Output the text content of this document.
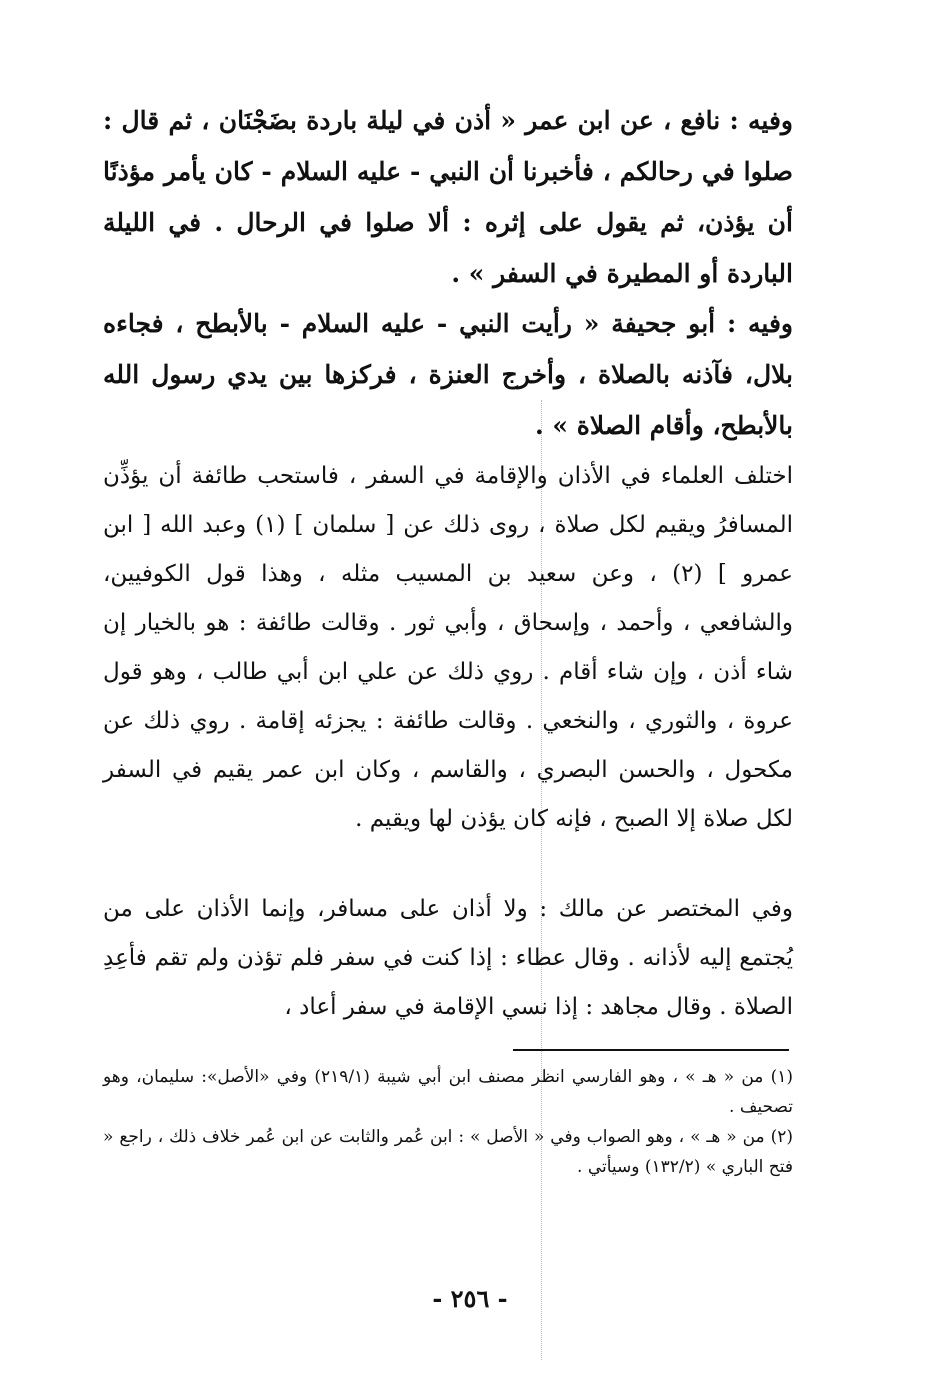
وفيه : نافع ، عن ابن عمر « أذن في ليلة باردة بضَجْنَان ، ثم قال : صلوا في رحالكم ، فأخبرنا أن النبي - عليه السلام - كان يأمر مؤذنًا أن يؤذن، ثم يقول على إثره : ألا صلوا في الرحال . في الليلة الباردة أو المطيرة في السفر » .

وفيه : أبو جحيفة « رأيت النبي - عليه السلام - بالأبطح ، فجاءه بلال، فآذنه بالصلاة ، وأخرج العنزة ، فركزها بين يدي رسول الله بالأبطح، وأقام الصلاة » .

اختلف العلماء في الأذان والإقامة في السفر ، فاستحب طائفة أن يؤذِّن المسافرُ ويقيم لكل صلاة ، روى ذلك عن [ سلمان ] (١) وعبد الله [ ابن عمرو ] (٢) ، وعن سعيد بن المسيب مثله ، وهذا قول الكوفيين، والشافعي ، وأحمد ، وإسحاق ، وأبي ثور . وقالت طائفة : هو بالخيار إن شاء أذن ، وإن شاء أقام . روي ذلك عن علي ابن أبي طالب ، وهو قول عروة ، والثوري ، والنخعي . وقالت طائفة : يجزئه إقامة . روي ذلك عن مكحول ، والحسن البصري ، والقاسم ، وكان ابن عمر يقيم في السفر لكل صلاة إلا الصبح ، فإنه كان يؤذن لها ويقيم .

وفي المختصر عن مالك : ولا أذان على مسافر، وإنما الأذان على من يُجتمع إليه لأذانه . وقال عطاء : إذا كنت في سفر فلم تؤذن ولم تقم فأعِدِ الصلاة . وقال مجاهد : إذا نسي الإقامة في سفر أعاد ،

(١) من « هـ » ، وهو الفارسي انظر مصنف ابن أبي شيبة (٢١٩/١) وفي «الأصل»: سليمان، وهو تصحيف .

(٢) من « هـ » ، وهو الصواب وفي « الأصل » : ابن عُمر والثابت عن ابن عُمر خلاف ذلك ، راجع « فتح الباري » (١٣٢/٢) وسيأتي .

- ٢٥٦ -
